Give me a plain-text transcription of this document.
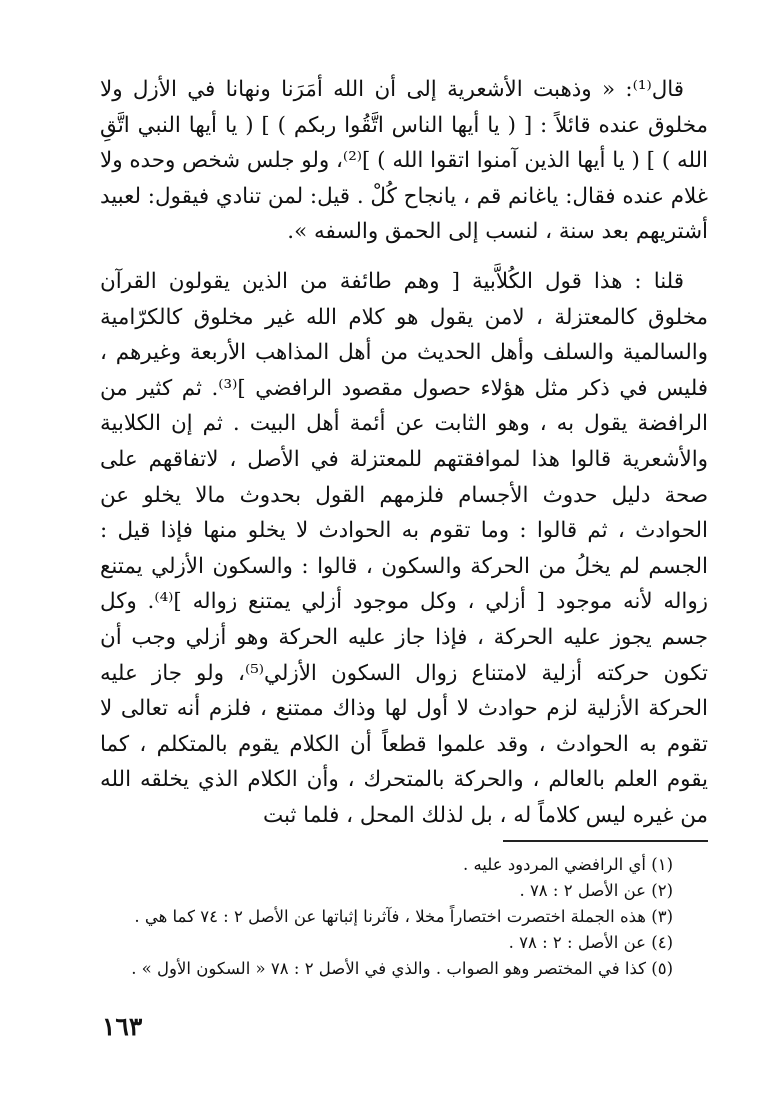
قال⁽¹⁾: « وذهبت الأشعرية إلى أن الله أمَرَنا ونهانا في الأزل ولا مخلوق عنده قائلاً : [ ( يا أيها الناس اتَّقُوا ربكم ) ] ( يا أيها النبي اتَّقِ الله ) ] ( يا أيها الذين آمنوا اتقوا الله ) ]⁽²⁾، ولو جلس شخص وحده ولا غلام عنده فقال: ياغانم قم ، يانجاح كُلْ . قيل: لمن تنادي فيقول: لعبيد أشتريهم بعد سنة ، لنسب إلى الحمق والسفه ».

قلنا : هذا قول الكُلاَّبية [ وهم طائفة من الذين يقولون القرآن مخلوق كالمعتزلة ، لامن يقول هو كلام الله غير مخلوق كالكرّامية والسالمية والسلف وأهل الحديث من أهل المذاهب الأربعة وغيرهم ، فليس في ذكر مثل هؤلاء حصول مقصود الرافضي ]⁽³⁾. ثم كثير من الرافضة يقول به ، وهو الثابت عن أئمة أهل البيت . ثم إن الكلابية والأشعرية قالوا هذا لموافقتهم للمعتزلة في الأصل ، لاتفاقهم على صحة دليل حدوث الأجسام فلزمهم القول بحدوث مالا يخلو عن الحوادث ، ثم قالوا : وما تقوم به الحوادث لا يخلو منها فإذا قيل : الجسم لم يخلُ من الحركة والسكون ، قالوا : والسكون الأزلي يمتنع زواله لأنه موجود [ أزلي ، وكل موجود أزلي يمتنع زواله ]⁽⁴⁾. وكل جسم يجوز عليه الحركة ، فإذا جاز عليه الحركة وهو أزلي وجب أن تكون حركته أزلية لامتناع زوال السكون الأزلي⁽⁵⁾، ولو جاز عليه الحركة الأزلية لزم حوادث لا أول لها وذاك ممتنع ، فلزم أنه تعالى لا تقوم به الحوادث ، وقد علموا قطعاً أن الكلام يقوم بالمتكلم ، كما يقوم العلم بالعالم ، والحركة بالمتحرك ، وأن الكلام الذي يخلقه الله من غيره ليس كلاماً له ، بل لذلك المحل ، فلما ثبت

(١) أي الرافضي المردود عليه .

(٢) عن الأصل ٢ : ٧٨ .

(٣) هذه الجملة اختصرت اختصاراً مخلا ، فآثرنا إثباتها عن الأصل ٢ : ٧٤ كما هي .

(٤) عن الأصل : ٢ : ٧٨ .

(٥) كذا في المختصر وهو الصواب . والذي في الأصل ٢ : ٧٨ « السكون الأول » .

١٦٣
